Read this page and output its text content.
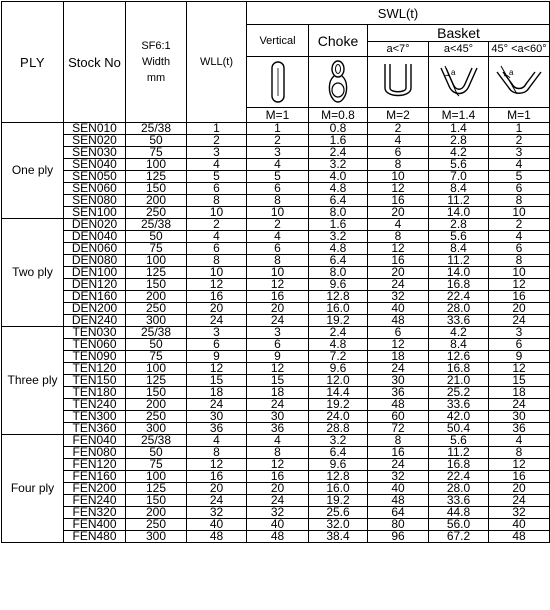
PLY	Stock No	SF6:1
Width
mm	WLL(t)	SWL(t)				
				Vertical	Choke	Basket		
						a<7°	a<45°	45° <a<60°

a	a

				M=1	M=0.8	M=2	M=1.4	M=1
One ply	SEN010	25/38	1	1	0.8	2	1.4	1
	SEN020	50	2	2	1.6	4	2.8	2
	SEN030	75	3	3	2.4	6	4.2	3
	SEN040	100	4	4	3.2	8	5.6	4
	SEN050	125	5	5	4.0	10	7.0	5
	SEN060	150	6	6	4.8	12	8.4	6
	SEN080	200	8	8	6.4	16	11.2	8
	SEN100	250	10	10	8.0	20	14.0	10
Two ply	DEN020	25/38	2	2	1.6	4	2.8	2
	DEN040	50	4	4	3.2	8	5.6	4
	DEN060	75	6	6	4.8	12	8.4	6
	DEN080	100	8	8	6.4	16	11.2	8
	DEN100	125	10	10	8.0	20	14.0	10
	DEN120	150	12	12	9.6	24	16.8	12
	DEN160	200	16	16	12.8	32	22.4	16
	DEN200	250	20	20	16.0	40	28.0	20
	DEN240	300	24	24	19.2	48	33.6	24
Three ply	TEN030	25/38	3	3	2.4	6	4.2	3
	TEN060	50	6	6	4.8	12	8.4	6
	TEN090	75	9	9	7.2	18	12.6	9
	TEN120	100	12	12	9.6	24	16.8	12
	TEN150	125	15	15	12.0	30	21.0	15
	TEN180	150	18	18	14.4	36	25.2	18
	TEN240	200	24	24	19.2	48	33.6	24
	TEN300	250	30	30	24.0	60	42.0	30
	TEN360	300	36	36	28.8	72	50.4	36
Four ply	FEN040	25/38	4	4	3.2	8	5.6	4
	FEN080	50	8	8	6.4	16	11.2	8
	FEN120	75	12	12	9.6	24	16.8	12
	FEN160	100	16	16	12.8	32	22.4	16
	FEN200	125	20	20	16.0	40	28.0	20
	FEN240	150	24	24	19.2	48	33.6	24
	FEN320	200	32	32	25.6	64	44.8	32
	FEN400	250	40	40	32.0	80	56.0	40
	FEN480	300	48	48	38.4	96	67.2	48
